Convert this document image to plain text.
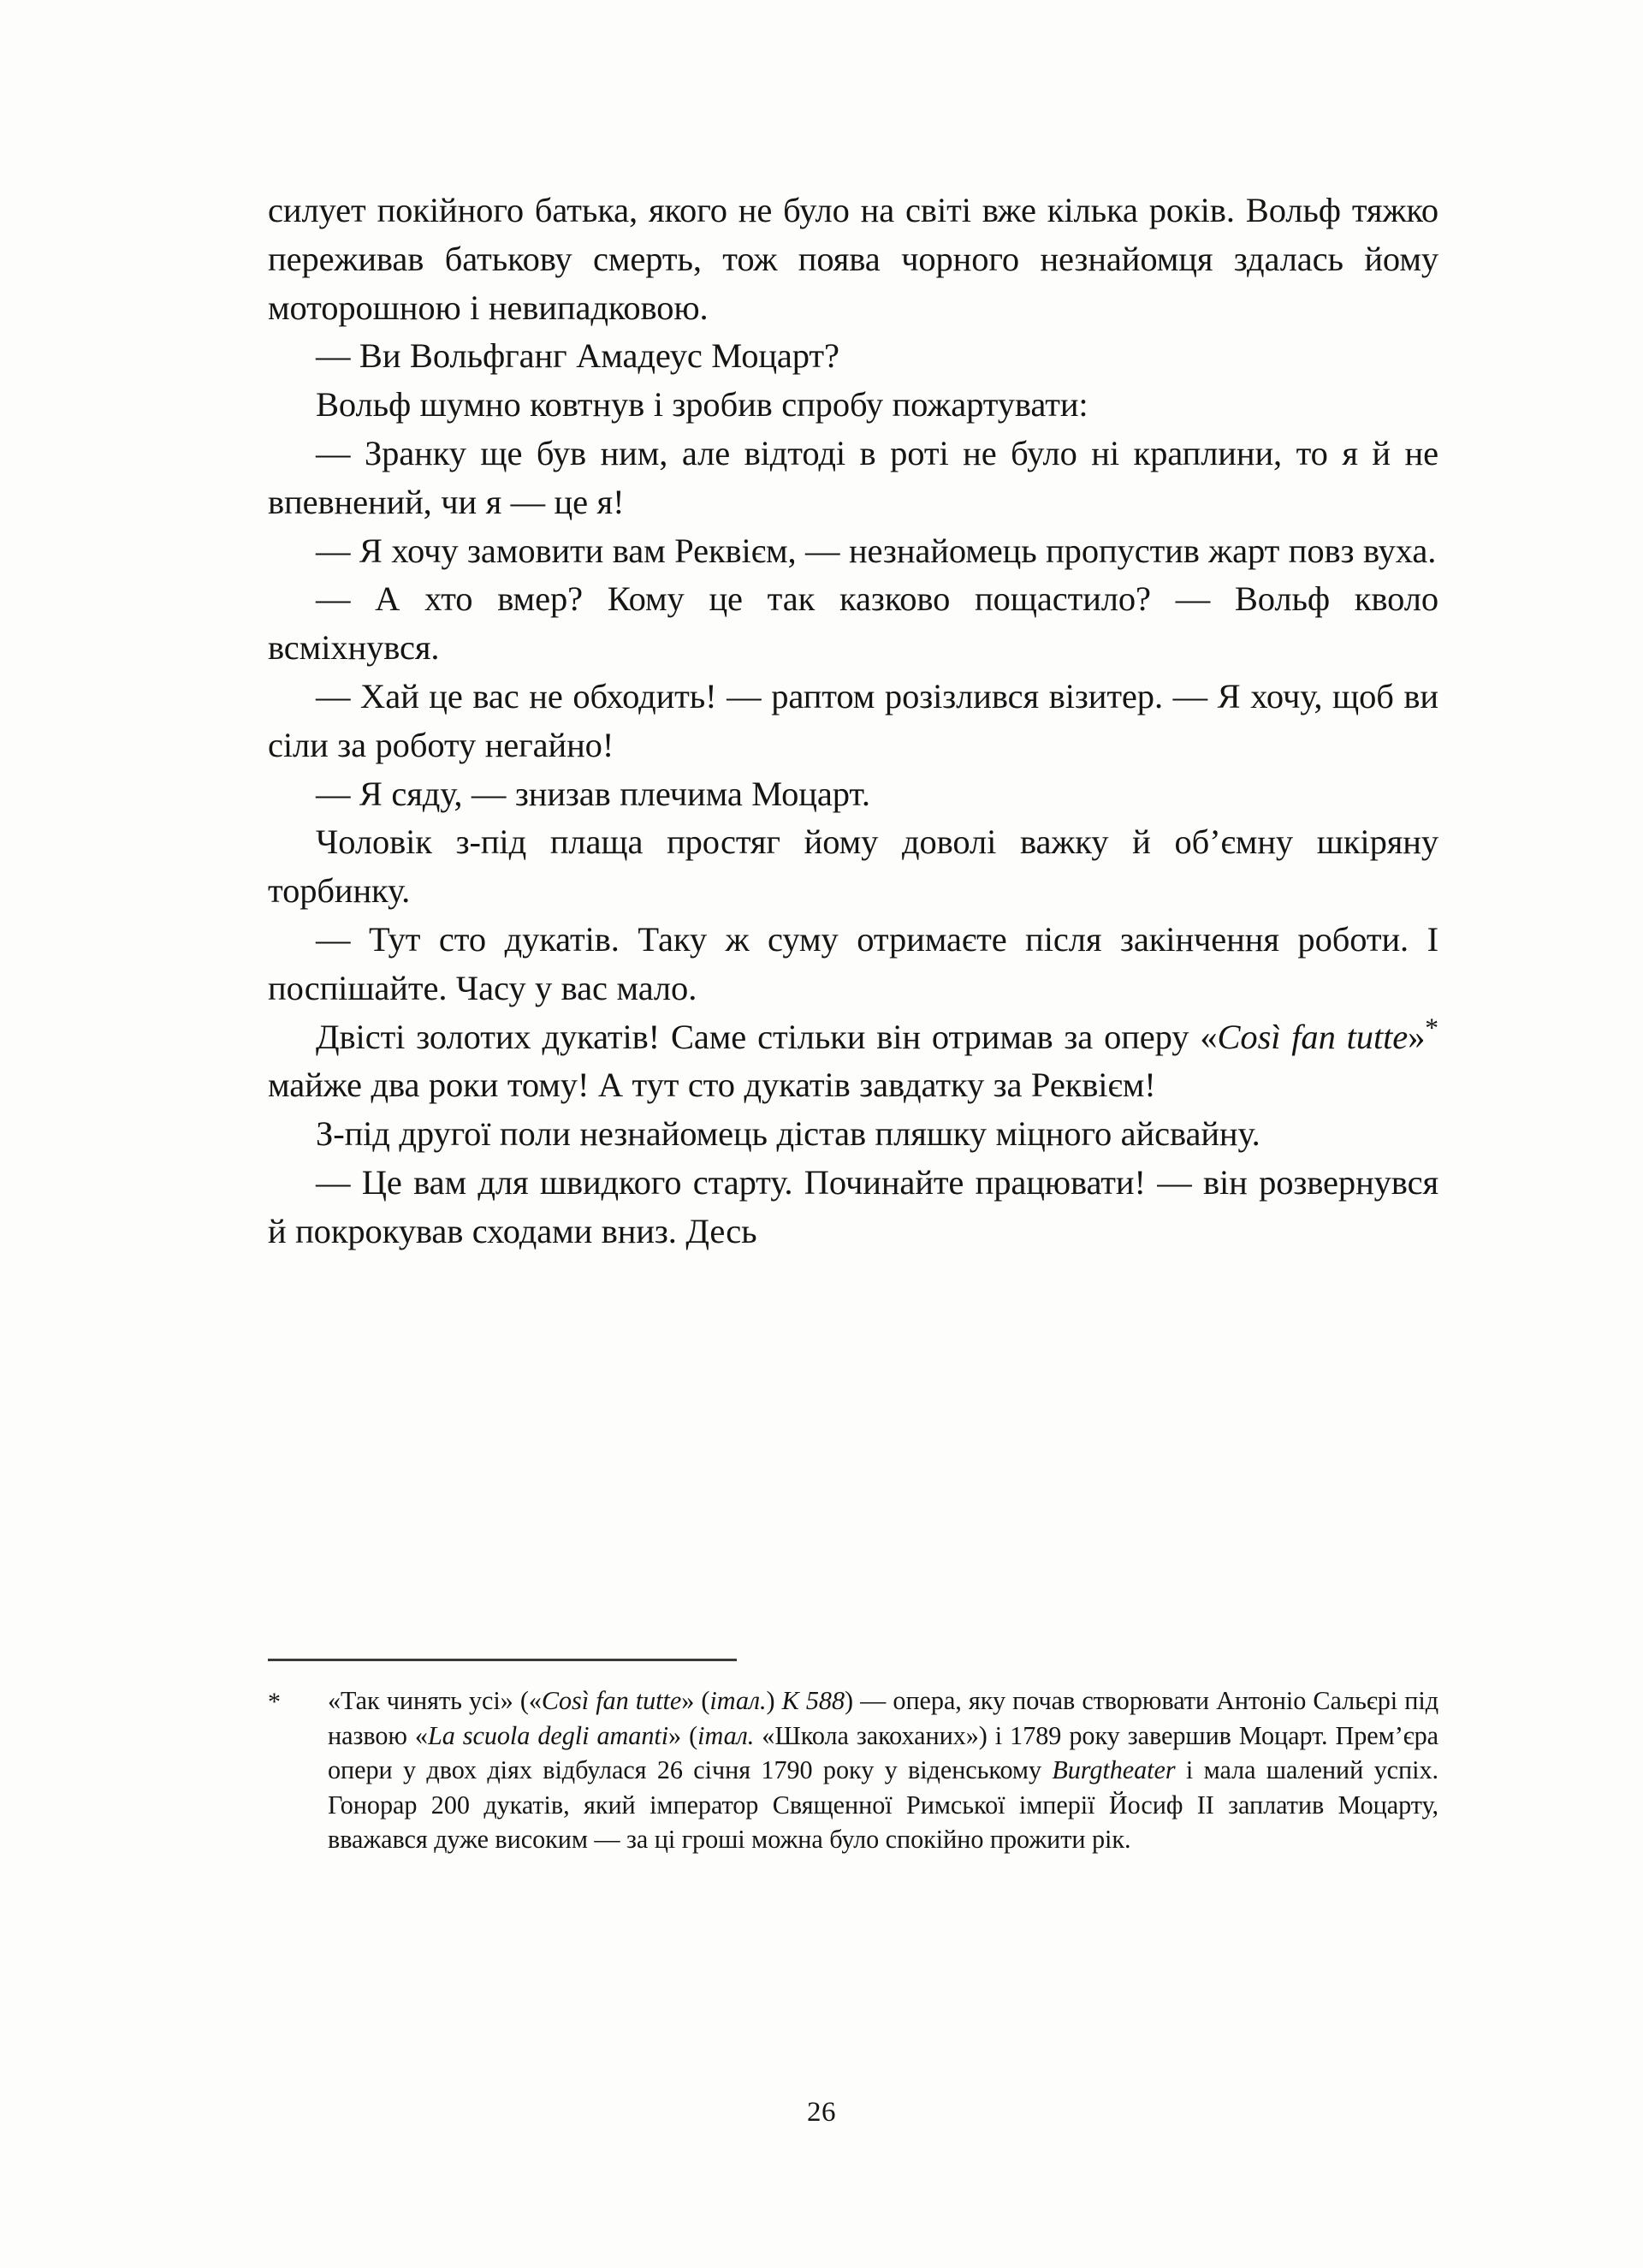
силует покійного батька, якого не було на світі вже кілька років. Вольф тяжко переживав батькову смерть, тож поява чорного незнайомця здалась йому моторошною і невипадковою.

— Ви Вольфганг Амадеус Моцарт?

Вольф шумно ковтнув і зробив спробу пожартувати:

— Зранку ще був ним, але відтоді в роті не було ні краплини, то я й не впевнений, чи я — це я!

— Я хочу замовити вам Реквієм, — незнайомець пропустив жарт повз вуха.

— А хто вмер? Кому це так казково пощастило? — Вольф кволо всміхнувся.

— Хай це вас не обходить! — раптом розізлився візитер. — Я хочу, щоб ви сіли за роботу негайно!

— Я сяду, — знизав плечима Моцарт.

Чоловік з-під плаща простяг йому доволі важку й об’ємну шкіряну торбинку.

— Тут сто дукатів. Таку ж суму отримаєте після закінчення роботи. І поспішайте. Часу у вас мало.

Двісті золотих дукатів! Саме стільки він отримав за оперу «Così fan tutte»* майже два роки тому! А тут сто дукатів завдатку за Реквієм!

З-під другої поли незнайомець дістав пляшку міцного айсвайну.

— Це вам для швидкого старту. Починайте працювати! — він розвернувся й покрокував сходами вниз. Десь

* «Так чинять усі» («Così fan tutte» (італ.) K 588) — опера, яку почав створювати Антоніо Сальєрі під назвою «La scuola degli amanti» (італ. «Школа закоханих») і 1789 року завершив Моцарт. Прем’єра опери у двох діях відбулася 26 січня 1790 року у віденському Burgtheater і мала шалений успіх. Гонорар 200 дукатів, який імператор Священної Римської імперії Йосиф II заплатив Моцарту, вважався дуже високим — за ці гроші можна було спокійно прожити рік.

26
